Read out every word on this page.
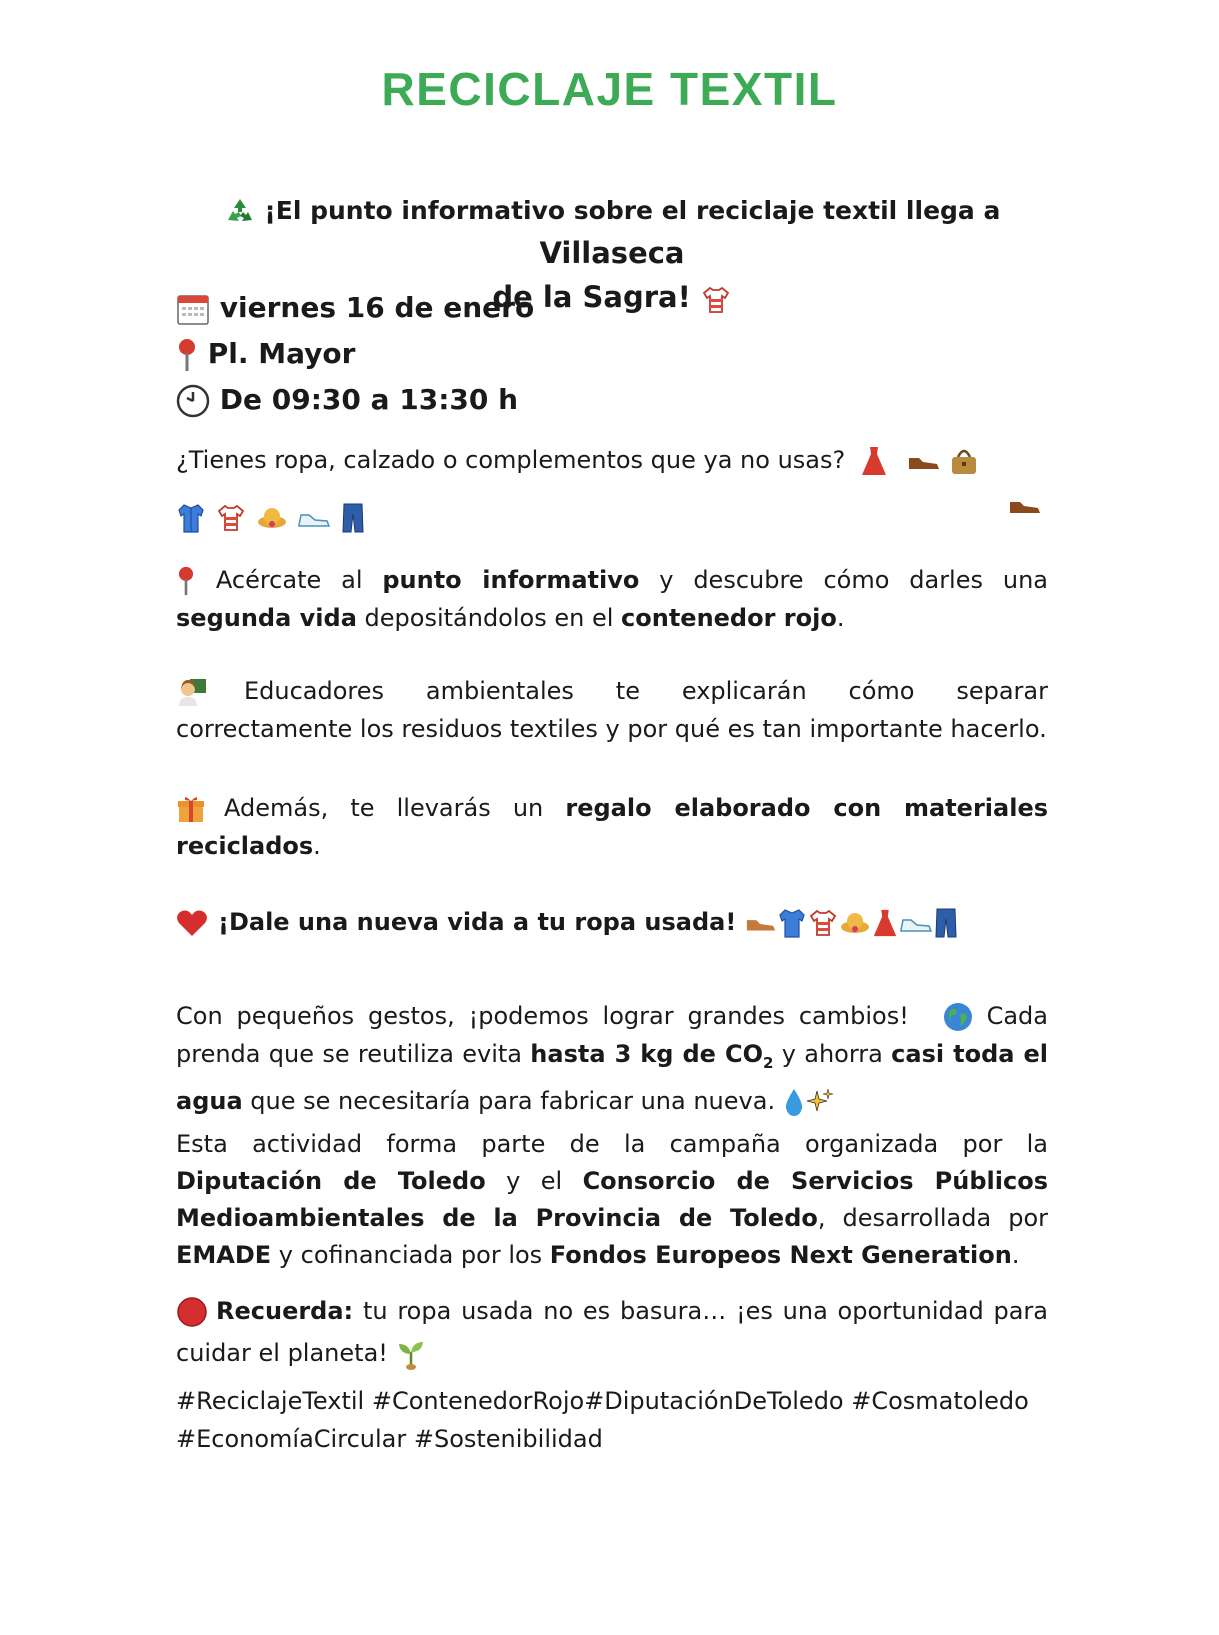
RECICLAJE TEXTIL
¡El punto informativo sobre el reciclaje textil llega a Villaseca
de la Sagra!
viernes 16 de enero
Pl. Mayor
De 09:30 a 13:30 h

¿Tienes ropa, calzado o complementos que ya no usas?

Acércate al punto informativo y descubre cómo darles una segunda vida depositándolos en el contenedor rojo.

Educadores ambientales te explicarán cómo separar correctamente los residuos textiles y por qué es tan importante hacerlo.

Además, te llevarás un regalo elaborado con materiales reciclados.

¡Dale una nueva vida a tu ropa usada!

Con pequeños gestos, ¡podemos lograr grandes cambios!	Cada prenda que se reutiliza evita hasta 3 kg de $CO_2$ y ahorra casi toda el agua que se necesitaría para fabricar una nueva.

Esta actividad forma parte de la campaña organizada por la Diputación de Toledo y el Consorcio de Servicios Públicos Medioambientales de la Provincia de Toledo, desarrollada por EMADE y cofinanciada por los Fondos Europeos Next Generation.

Recuerda: tu ropa usada no es basura… ¡es una oportunidad para cuidar el planeta!

#ReciclajeTextil #ContenedorRojo#DiputaciónDeToledo #Cosmatoledo

#EconomíaCircular #Sostenibilidad
